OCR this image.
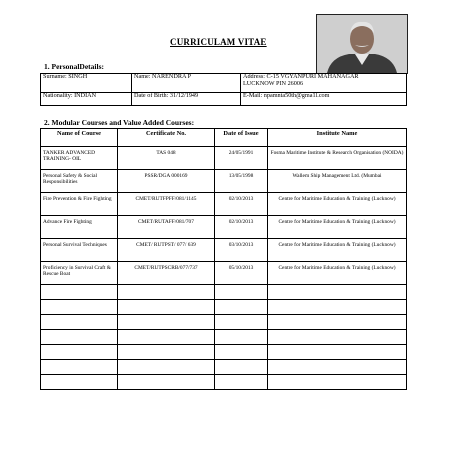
CURRICULAM VITAE
1. PersonalDetails:
Surname: SINGH	Name: NARENDRA P	Address: C-15 VGYANPURI MAHANAGAR
LUCKNOW PIN 26006
Nationality: INDIAN	Date of Birth: 31/12/1949	E-Mail: npamnta50th@gma1l.com
2. Modular Courses and Value Added Courses:
Name of Course	Certificate No.	Date of Issue	Institute Name
TANKER ADVANCED TRAINING- OIL	TAS 048	24/05/1991	Fosma Maritime Institute & Research Organisation (NOIDA)
Personal Safety & Social Responsibilities	PSSR/DGA 000169	13/05/1998	Wallem Ship Management Ltd. (Mumbai
Fire Prevention & Fire Fighting	CMET/RUTFPFF/081/1145	02/10/2013	Centre for Maritime Education & Training (Lucknow)
Advance Fire Fighting	CMET/RUTAFF/081/707	02/10/2013	Centre for Maritime Education & Training (Lucknow)
Personal Survival Techniques	CMET/ RUTPST/ 077/ 639	03/10/2013	Centre for Maritime Education & Training (Lucknow)
Proficiency in Survival Craft & Rescue Boat	CMET/RUTPSCRB/077/737	05/10/2013	Centre for Maritime Education & Training (Lucknow)
